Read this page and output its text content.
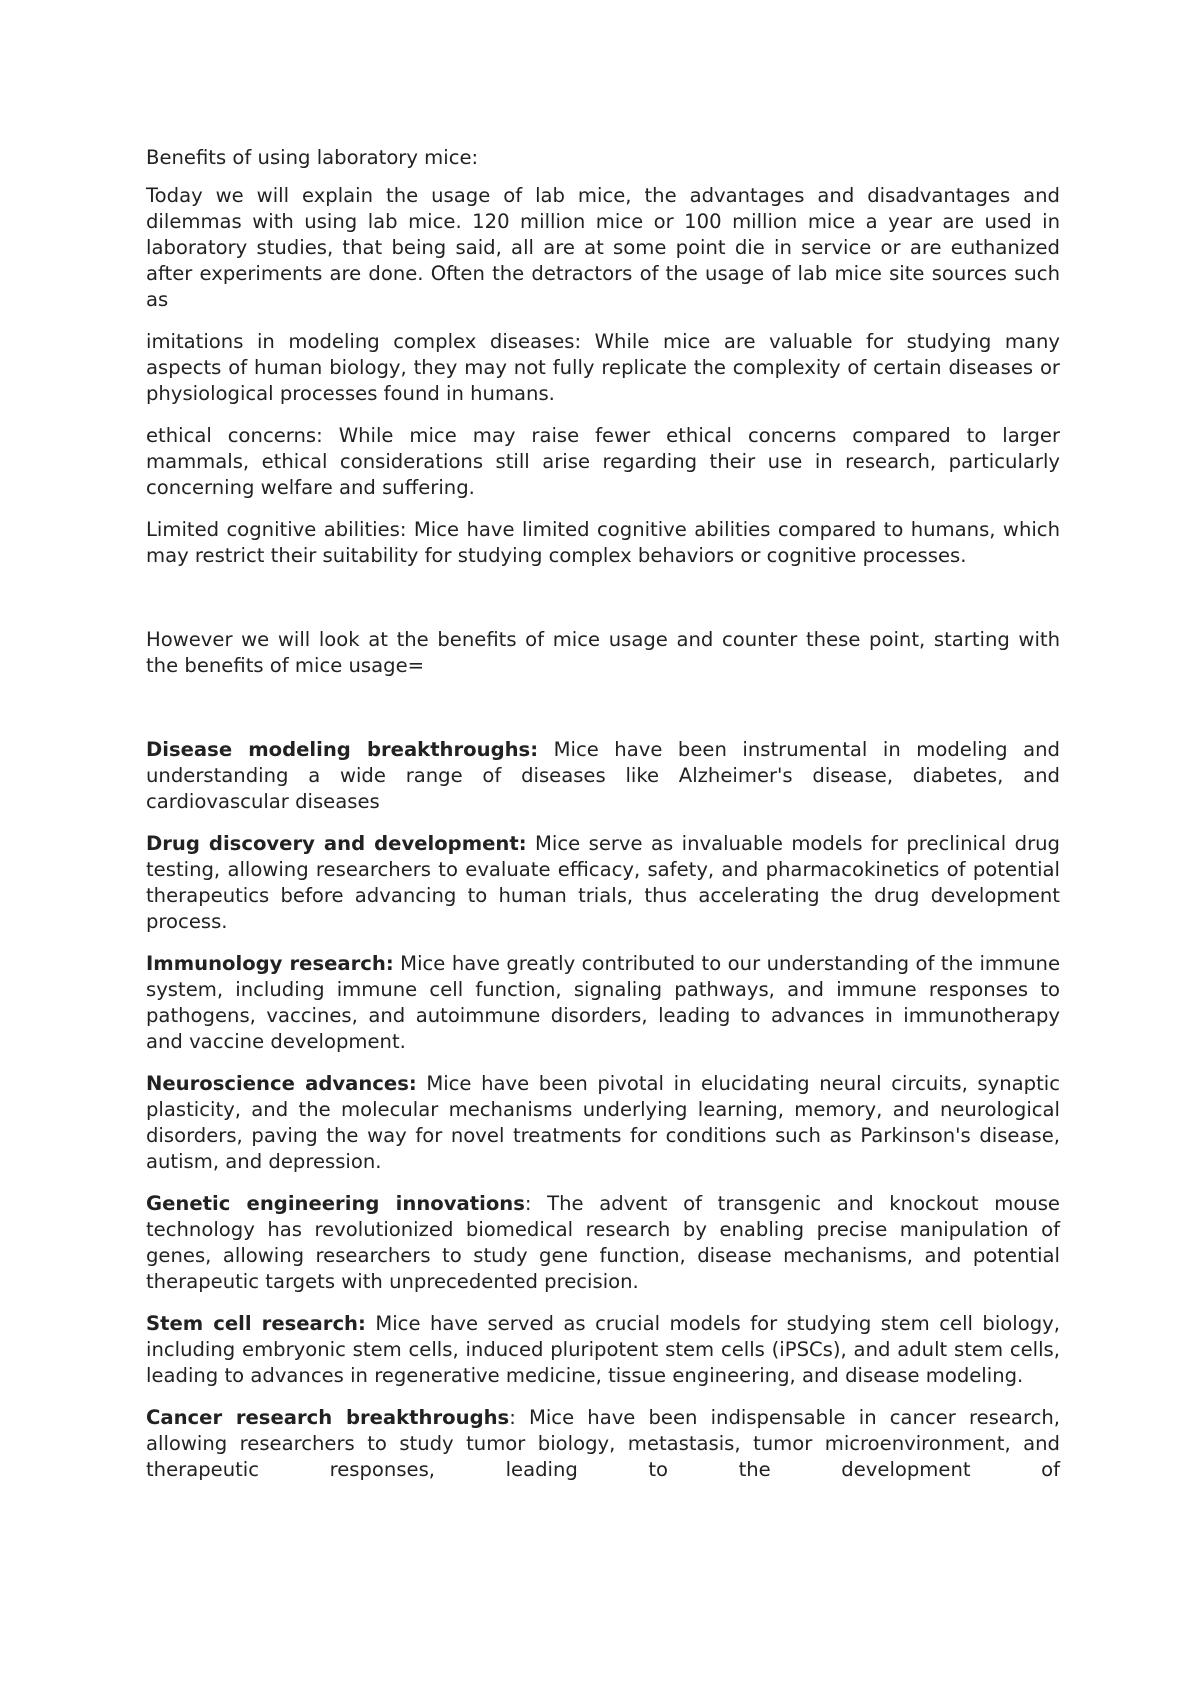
Benefits of using laboratory mice:

Today we will explain the usage of lab mice, the advantages and disadvantages and dilemmas with using lab mice. 120 million mice or 100 million mice a year are used in laboratory studies, that being said, all are at some point die in service or are euthanized after experiments are done. Often the detractors of the usage of lab mice site sources such as

imitations in modeling complex diseases: While mice are valuable for studying many aspects of human biology, they may not fully replicate the complexity of certain diseases or physiological processes found in humans.

ethical concerns: While mice may raise fewer ethical concerns compared to larger mammals, ethical considerations still arise regarding their use in research, particularly concerning welfare and suffering.

Limited cognitive abilities: Mice have limited cognitive abilities compared to humans, which may restrict their suitability for studying complex behaviors or cognitive processes.

However we will look at the benefits of mice usage and counter these point, starting with the benefits of mice usage=

Disease modeling breakthroughs: Mice have been instrumental in modeling and understanding a wide range of diseases like Alzheimer's disease, diabetes, and cardiovascular diseases

Drug discovery and development: Mice serve as invaluable models for preclinical drug testing, allowing researchers to evaluate efficacy, safety, and pharmacokinetics of potential therapeutics before advancing to human trials, thus accelerating the drug development process.

Immunology research: Mice have greatly contributed to our understanding of the immune system, including immune cell function, signaling pathways, and immune responses to pathogens, vaccines, and autoimmune disorders, leading to advances in immunotherapy and vaccine development.

Neuroscience advances: Mice have been pivotal in elucidating neural circuits, synaptic plasticity, and the molecular mechanisms underlying learning, memory, and neurological disorders, paving the way for novel treatments for conditions such as Parkinson's disease, autism, and depression.

Genetic engineering innovations: The advent of transgenic and knockout mouse technology has revolutionized biomedical research by enabling precise manipulation of genes, allowing researchers to study gene function, disease mechanisms, and potential therapeutic targets with unprecedented precision.

Stem cell research: Mice have served as crucial models for studying stem cell biology, including embryonic stem cells, induced pluripotent stem cells (iPSCs), and adult stem cells, leading to advances in regenerative medicine, tissue engineering, and disease modeling.

Cancer research breakthroughs: Mice have been indispensable in cancer research, allowing researchers to study tumor biology, metastasis, tumor microenvironment, and therapeutic responses, leading to the development of
